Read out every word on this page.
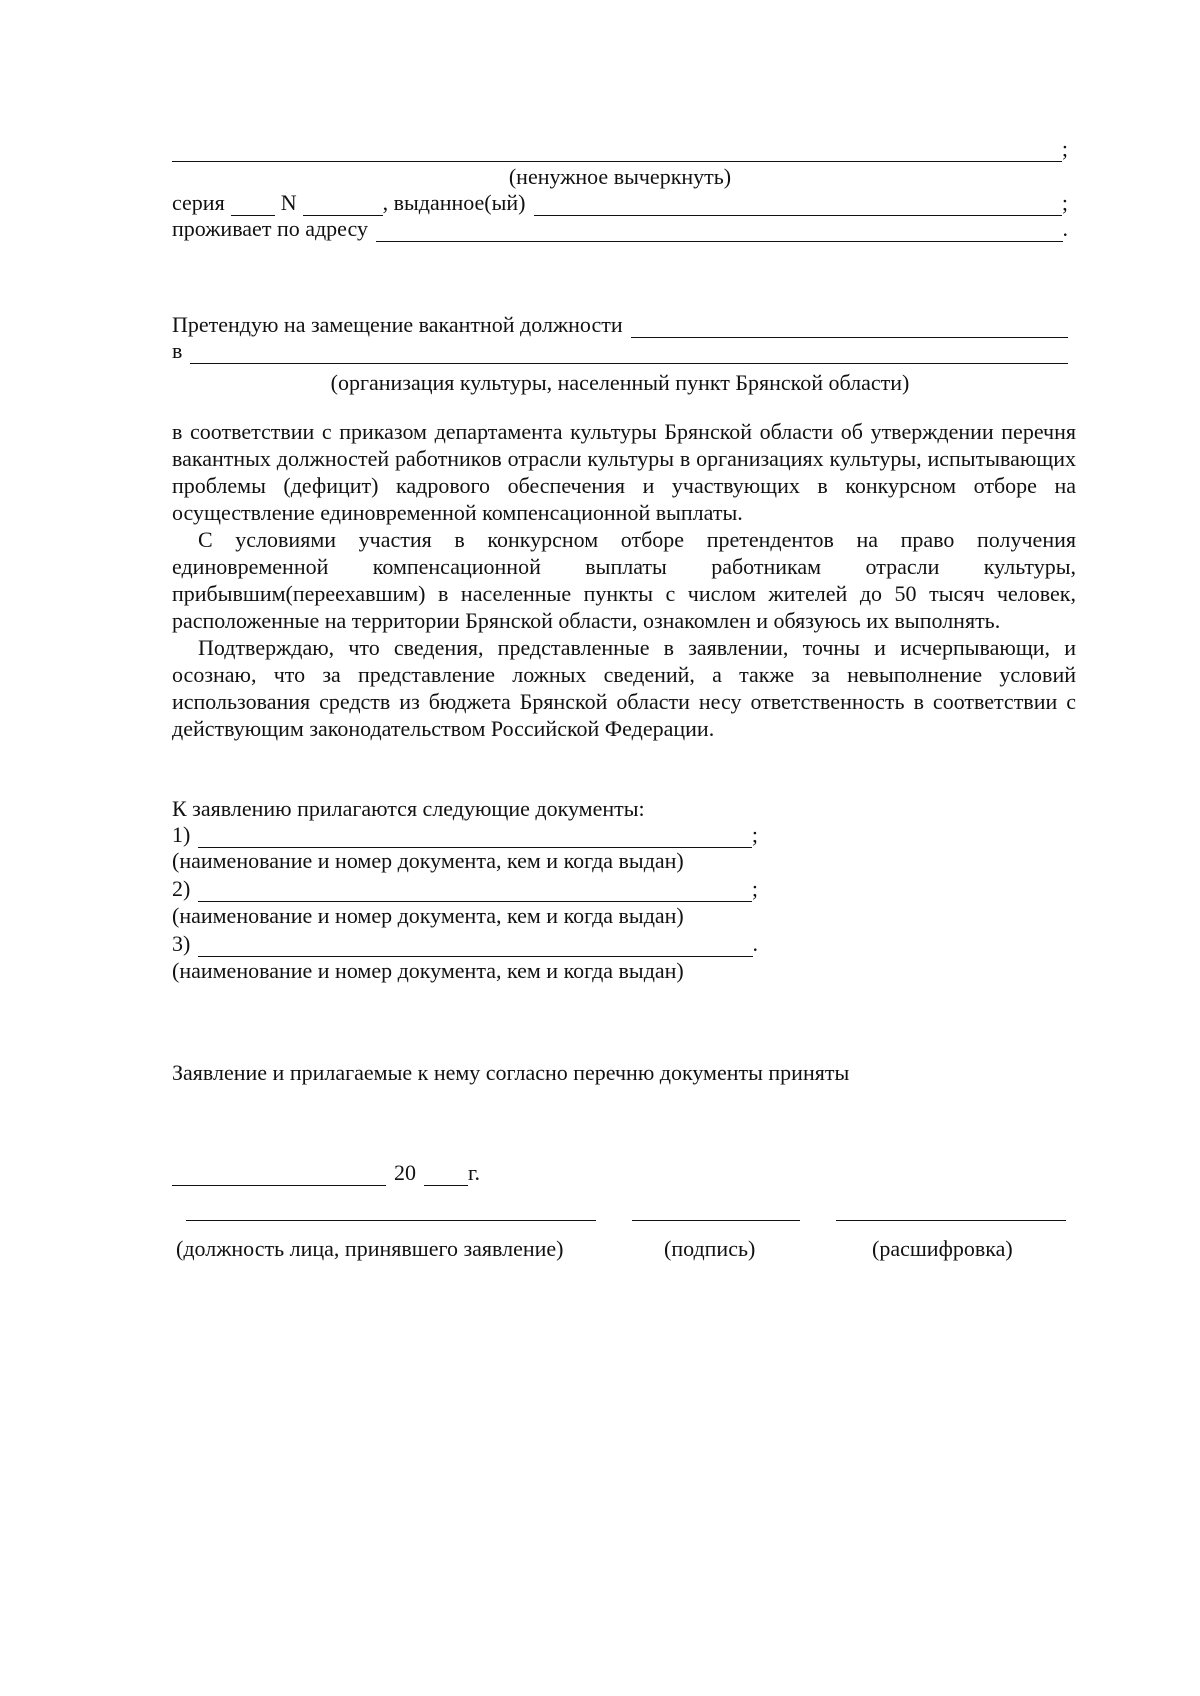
;
(ненужное вычеркнуть)
серия	N	, выданное(ый)	;
проживает по адресу	.
Претендую на замещение вакантной должности
в
(организация культуры, населенный пункт Брянской области)

в соответствии с приказом департамента культуры Брянской области об утверждении перечня вакантных должностей работников отрасли культуры в организациях культуры, испытывающих проблемы (дефицит) кадрового обеспечения и участвующих в конкурсном отборе на осуществление единовременной компенсационной выплаты.

С условиями участия в конкурсном отборе претендентов на право получения единовременной компенсационной выплаты работникам отрасли культуры, прибывшим(переехавшим) в населенные пункты с числом жителей до 50 тысяч человек, расположенные на территории Брянской области, ознакомлен и обязуюсь их выполнять.

Подтверждаю, что сведения, представленные в заявлении, точны и исчерпывающи, и осознаю, что за представление ложных сведений, а также за невыполнение условий использования средств из бюджета Брянской области несу ответственность в соответствии с действующим законодательством Российской Федерации.

К заявлению прилагаются следующие документы:
1)	;
(наименование и номер документа, кем и когда выдан)
2)	;
(наименование и номер документа, кем и когда выдан)
3)	.
(наименование и номер документа, кем и когда выдан)
Заявление и прилагаемые к нему согласно перечню документы приняты
20 г.
(должность лица, принявшего заявление)	(подпись)	(расшифровка)
